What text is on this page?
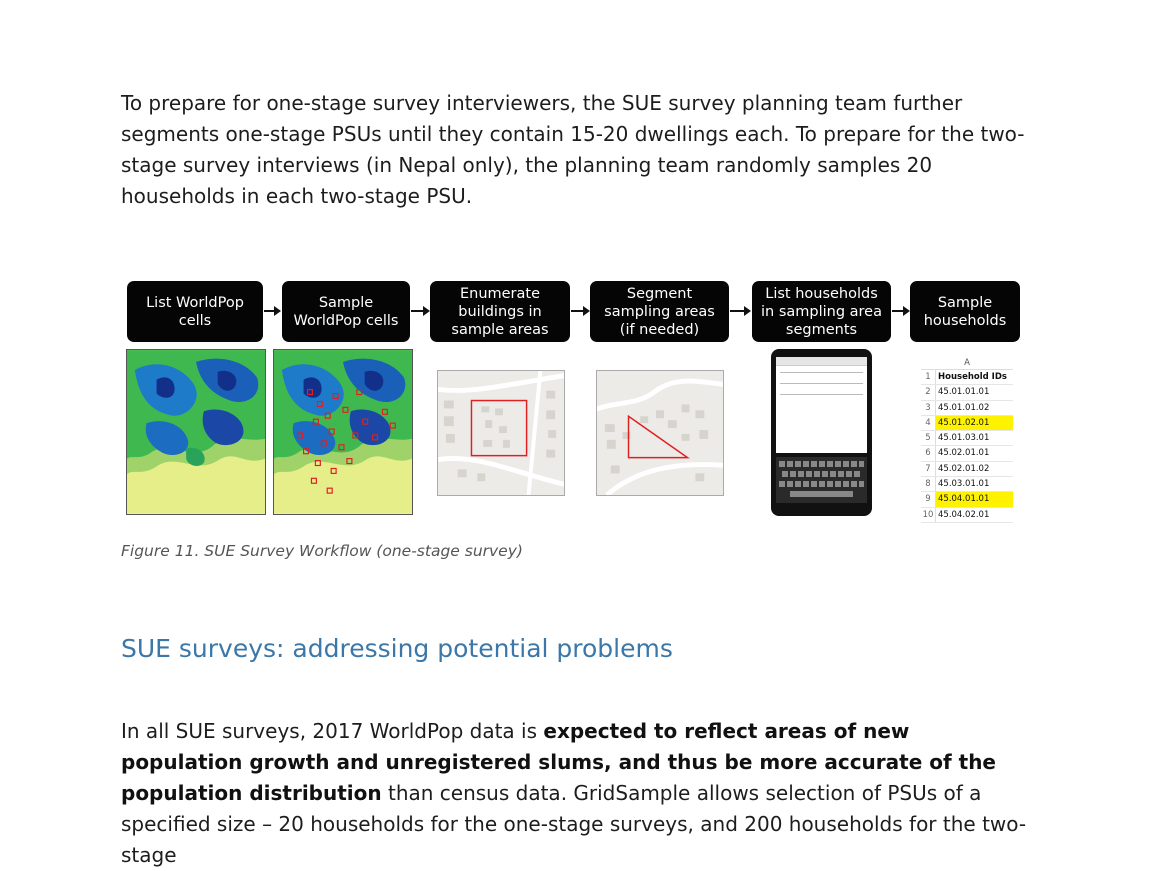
To prepare for one-stage survey interviewers, the SUE survey planning team further segments one-stage PSUs until they contain 15-20 dwellings each. To prepare for the two-stage survey interviews (in Nepal only), the planning team randomly samples 20 households in each two-stage PSU.

List WorldPop cells
Sample WorldPop cells
Enumerate buildings in sample areas
Segment sampling areas (if needed)
List households in sampling area segments
Sample households
A
1 Household IDs
2 45.01.01.01
3 45.01.01.02
4 45.01.02.01
5 45.01.03.01
6 45.02.01.01
7 45.02.01.02
8 45.03.01.01
9 45.04.01.01
10 45.04.02.01
Figure 11. SUE Survey Workflow (one-stage survey)
SUE surveys: addressing potential problems

In all SUE surveys, 2017 WorldPop data is expected to reflect areas of new population growth and unregistered slums, and thus be more accurate of the population distribution than census data. GridSample allows selection of PSUs of a specified size – 20 households for the one-stage surveys, and 200 households for the two-stage
